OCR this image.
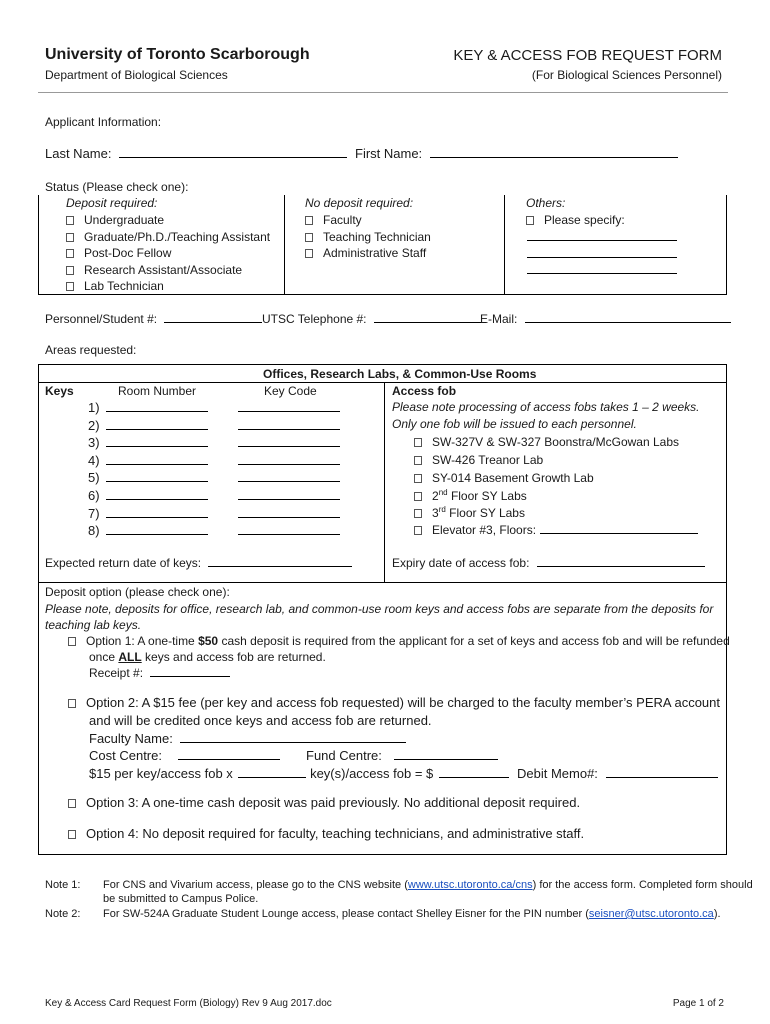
University of Toronto Scarborough
Department of Biological Sciences
KEY & ACCESS FOB REQUEST FORM
(For Biological Sciences Personnel)
Applicant Information:
Last Name:	First Name:
Status (Please check one):
Deposit required:
Undergraduate
Graduate/Ph.D./Teaching Assistant
Post-Doc Fellow
Research Assistant/Associate
Lab Technician
No deposit required:
Faculty
Teaching Technician
Administrative Staff
Others:
Please specify:
Personnel/Student #:	UTSC Telephone #:	E-Mail:
Areas requested:
Offices, Research Labs, & Common-Use Rooms
Keys	Room Number	Key Code
1)
2)
3)
4)
5)
6)
7)
8)
Expected return date of keys:
Access fob
Please note processing of access fobs takes 1 – 2 weeks.
Only one fob will be issued to each personnel.
SW-327V & SW-327 Boonstra/McGowan Labs
SW-426 Treanor Lab
SY-014 Basement Growth Lab
2nd Floor SY Labs
3rd Floor SY Labs
Elevator #3, Floors:
Expiry date of access fob:
Deposit option (please check one):
Please note, deposits for office, research lab, and common-use room keys and access fobs are separate from the deposits for teaching lab keys.
Option 1: A one-time $50 cash deposit is required from the applicant for a set of keys and access fob and will be refunded
once ALL keys and access fob are returned.
Receipt #:
Option 2: A $15 fee (per key and access fob requested) will be charged to the faculty member’s PERA account
and will be credited once keys and access fob are returned.
Faculty Name:
Cost Centre:	Fund Centre:
$15 per key/access fob x	key(s)/access fob = $	Debit Memo#:
Option 3: A one-time cash deposit was paid previously. No additional deposit required.
Option 4: No deposit required for faculty, teaching technicians, and administrative staff.
Note 1: For CNS and Vivarium access, please go to the CNS website (www.utsc.utoronto.ca/cns) for the access form. Completed form should
be submitted to Campus Police.
Note 2: For SW-524A Graduate Student Lounge access, please contact Shelley Eisner for the PIN number (seisner@utsc.utoronto.ca).
Key & Access Card Request Form (Biology) Rev 9 Aug 2017.doc	Page 1 of 2
